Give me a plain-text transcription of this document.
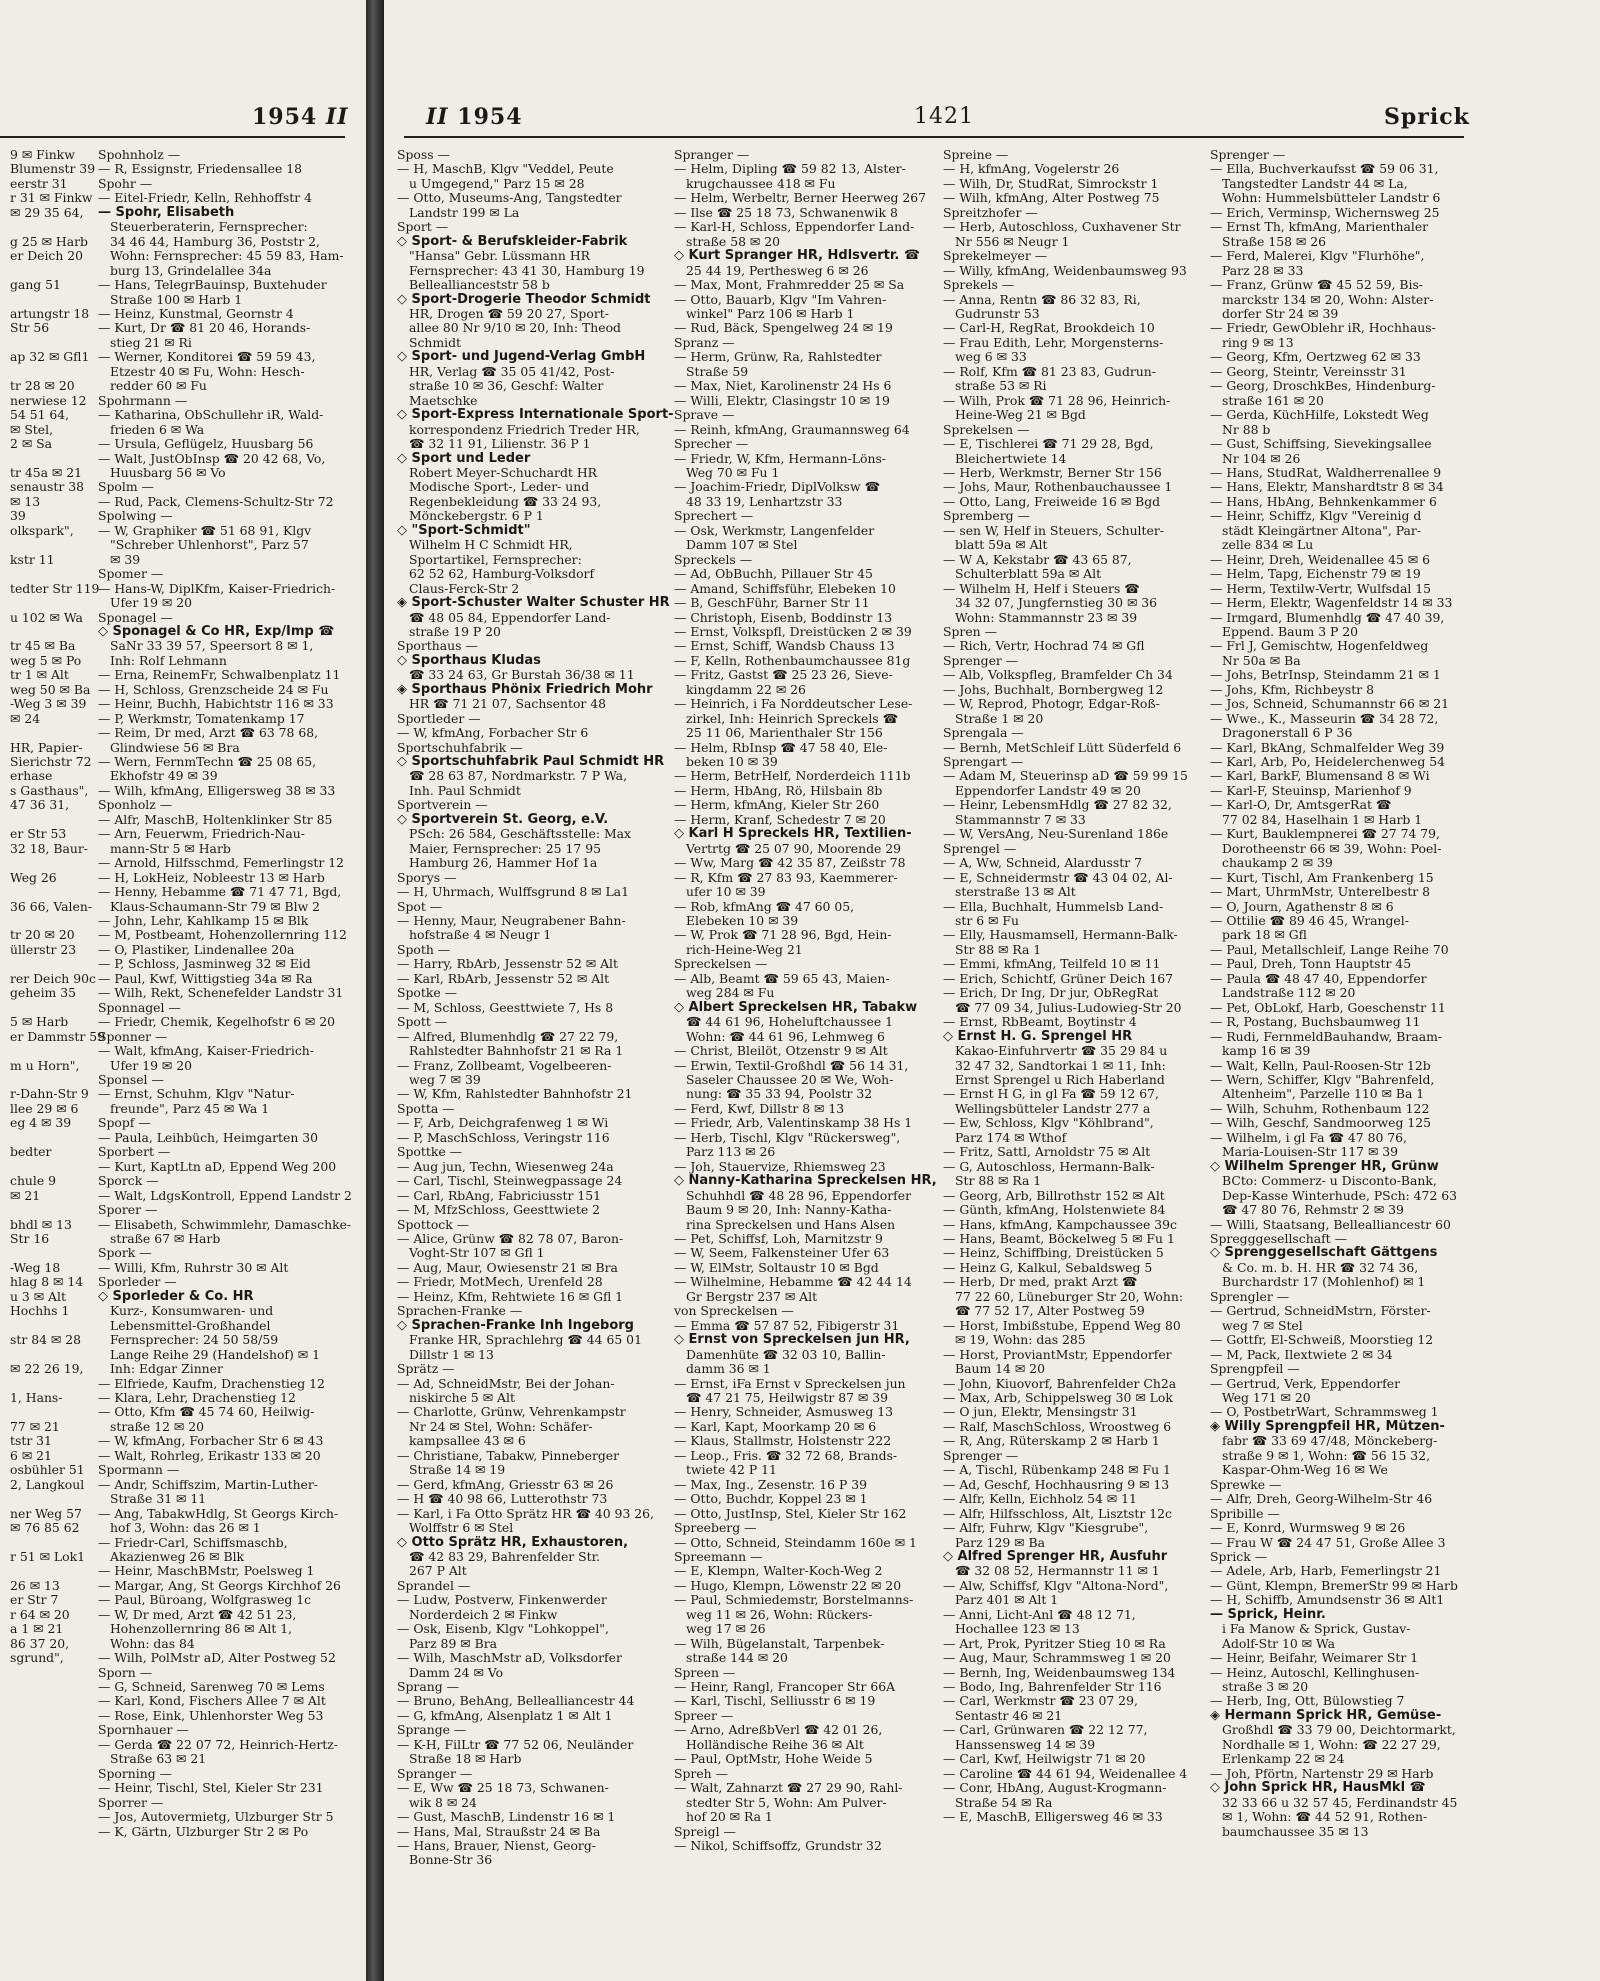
1954 II
9 ✉ Finkw
Blumenstr 39
eerstr 31
r 31 ✉ Finkw
✉ 29 35 64,

g 25 ✉ Harb
er Deich 20

gang 51

artungstr 18
Str 56

ap 32 ✉ Gfl1

tr 28 ✉ 20
nerwiese 12
54 51 64,
✉ Stel,
2 ✉ Sa

tr 45a ✉ 21
senaustr 38
✉ 13
39
olkspark",

kstr 11

tedter Str 119

u 102 ✉ Wa

tr 45 ✉ Ba
weg 5 ✉ Po
tr 1 ✉ Alt
weg 50 ✉ Ba
-Weg 3 ✉ 39
✉ 24

HR, Papier-
Sierichstr 72
erhase
s Gasthaus",
47 36 31,

er Str 53
32 18, Baur-

Weg 26

36 66, Valen-

tr 20 ✉ 20
üllerstr 23

rer Deich 90c
geheim 35

5 ✉ Harb
er Dammstr 59

m u Horn",

r-Dahn-Str 9
llee 29 ✉ 6
eg 4 ✉ 39

bedter

chule 9
✉ 21

bhdl ✉ 13
Str 16

-Weg 18
hlag 8 ✉ 14
u 3 ✉ Alt
Hochhs 1

str 84 ✉ 28

✉ 22 26 19,

1, Hans-

77 ✉ 21
tstr 31
6 ✉ 21
osbühler 51
2, Langkoul

ner Weg 57
✉ 76 85 62

r 51 ✉ Lok1

26 ✉ 13
er Str 7
r 64 ✉ 20
a 1 ✉ 21
86 37 20,
sgrund",
Spohnholz —
— R, Essignstr, Friedensallee 18
Spohr —
— Eitel-Friedr, Kelln, Rehhoffstr 4
— Spohr, Elisabeth
Steuerberaterin, Fernsprecher:
34 46 44, Hamburg 36, Poststr 2,
Wohn: Fernsprecher: 45 59 83, Ham-
burg 13, Grindelallee 34a
— Hans, TelegrBauinsp, Buxtehuder
Straße 100 ✉ Harb 1
— Heinz, Kunstmal, Geornstr 4
— Kurt, Dr ☎ 81 20 46, Horands-
stieg 21 ✉ Ri
— Werner, Konditorei ☎ 59 59 43,
Etzestr 40 ✉ Fu, Wohn: Hesch-
redder 60 ✉ Fu
Spohrmann —
— Katharina, ObSchullehr iR, Wald-
frieden 6 ✉ Wa
— Ursula, Geflügelz, Huusbarg 56
— Walt, JustObInsp ☎ 20 42 68, Vo,
Huusbarg 56 ✉ Vo
Spolm —
— Rud, Pack, Clemens-Schultz-Str 72
Spolwing —
— W, Graphiker ☎ 51 68 91, Klgv
"Schreber Uhlenhorst", Parz 57
✉ 39
Spomer —
— Hans-W, DiplKfm, Kaiser-Friedrich-
Ufer 19 ✉ 20
Sponagel —
◇ Sponagel & Co HR, Exp/Imp ☎
SaNr 33 39 57, Speersort 8 ✉ 1,
Inh: Rolf Lehmann
— Erna, ReinemFr, Schwalbenplatz 11
— H, Schloss, Grenzscheide 24 ✉ Fu
— Heinr, Buchh, Habichtstr 116 ✉ 33
— P, Werkmstr, Tomatenkamp 17
— Reim, Dr med, Arzt ☎ 63 78 68,
Glindwiese 56 ✉ Bra
— Wern, FernmTechn ☎ 25 08 65,
Ekhofstr 49 ✉ 39
— Wilh, kfmAng, Elligersweg 38 ✉ 33
Sponholz —
— Alfr, MaschB, Holtenklinker Str 85
— Arn, Feuerwm, Friedrich-Nau-
mann-Str 5 ✉ Harb
— Arnold, Hilfsschmd, Femerlingstr 12
— H, LokHeiz, Nobleestr 13 ✉ Harb
— Henny, Hebamme ☎ 71 47 71, Bgd,
Klaus-Schaumann-Str 79 ✉ Blw 2
— John, Lehr, Kahlkamp 15 ✉ Blk
— M, Postbeamt, Hohenzollernring 112
— O, Plastiker, Lindenallee 20a
— P, Schloss, Jasminweg 32 ✉ Eid
— Paul, Kwf, Wittigstieg 34a ✉ Ra
— Wilh, Rekt, Schenefelder Landstr 31
Sponnagel —
— Friedr, Chemik, Kegelhofstr 6 ✉ 20
Sponner —
— Walt, kfmAng, Kaiser-Friedrich-
Ufer 19 ✉ 20
Sponsel —
— Ernst, Schuhm, Klgv "Natur-
freunde", Parz 45 ✉ Wa 1
Spopf —
— Paula, Leihbüch, Heimgarten 30
Sporbert —
— Kurt, KaptLtn aD, Eppend Weg 200
Sporck —
— Walt, LdgsKontroll, Eppend Landstr 2
Sporer —
— Elisabeth, Schwimmlehr, Damaschke-
straße 67 ✉ Harb
Spork —
— Willi, Kfm, Ruhrstr 30 ✉ Alt
Sporleder —
◇ Sporleder & Co. HR
Kurz-, Konsumwaren- und
Lebensmittel-Großhandel
Fernsprecher: 24 50 58/59
Lange Reihe 29 (Handelshof) ✉ 1
Inh: Edgar Zinner
— Elfriede, Kaufm, Drachenstieg 12
— Klara, Lehr, Drachenstieg 12
— Otto, Kfm ☎ 45 74 60, Heilwig-
straße 12 ✉ 20
— W, kfmAng, Forbacher Str 6 ✉ 43
— Walt, Rohrleg, Erikastr 133 ✉ 20
Spormann —
— Andr, Schiffszim, Martin-Luther-
Straße 31 ✉ 11
— Ang, TabakwHdlg, St Georgs Kirch-
hof 3, Wohn: das 26 ✉ 1
— Friedr-Carl, Schiffsmaschb,
Akazienweg 26 ✉ Blk
— Heinr, MaschBMstr, Poelsweg 1
— Margar, Ang, St Georgs Kirchhof 26
— Paul, Büroang, Wolfgrasweg 1c
— W, Dr med, Arzt ☎ 42 51 23,
Hohenzollernring 86 ✉ Alt 1,
Wohn: das 84
— Wilh, PolMstr aD, Alter Postweg 52
Sporn —
— G, Schneid, Sarenweg 70 ✉ Lems
— Karl, Kond, Fischers Allee 7 ✉ Alt
— Rose, Eink, Uhlenhorster Weg 53
Spornhauer —
— Gerda ☎ 22 07 72, Heinrich-Hertz-
Straße 63 ✉ 21
Sporning —
— Heinr, Tischl, Stel, Kieler Str 231
Sporrer —
— Jos, Autovermietg, Ulzburger Str 5
— K, Gärtn, Ulzburger Str 2 ✉ Po
II 1954	1421	Sprick
Sposs —
— H, MaschB, Klgv "Veddel, Peute
u Umgegend," Parz 15 ✉ 28
— Otto, Museums-Ang, Tangstedter
Landstr 199 ✉ La
Sport —
◇ Sport- & Berufskleider-Fabrik
"Hansa" Gebr. Lüssmann HR
Fernsprecher: 43 41 30, Hamburg 19
Belleallianceststr 58 b
◇ Sport-Drogerie Theodor Schmidt
HR, Drogen ☎ 59 20 27, Sport-
allee 80 Nr 9/10 ✉ 20, Inh: Theod
Schmidt
◇ Sport- und Jugend-Verlag GmbH
HR, Verlag ☎ 35 05 41/42, Post-
straße 10 ✉ 36, Geschf: Walter
Maetschke
◇ Sport-Express Internationale Sport-
korrespondenz Friedrich Treder HR,
☎ 32 11 91, Lilienstr. 36 P 1
◇ Sport und Leder
Robert Meyer-Schuchardt HR
Modische Sport-, Leder- und
Regenbekleidung ☎ 33 24 93,
Mönckebergstr. 6 P 1
◇ "Sport-Schmidt"
Wilhelm H C Schmidt HR,
Sportartikel, Fernsprecher:
62 52 62, Hamburg-Volksdorf
Claus-Ferck-Str 2
◈ Sport-Schuster Walter Schuster HR
☎ 48 05 84, Eppendorfer Land-
straße 19 P 20
Sporthaus —
◇ Sporthaus Kludas
☎ 33 24 63, Gr Burstah 36/38 ✉ 11
◈ Sporthaus Phönix Friedrich Mohr
HR ☎ 71 21 07, Sachsentor 48
Sportleder —
— W, kfmAng, Forbacher Str 6
Sportschuhfabrik —
◇ Sportschuhfabrik Paul Schmidt HR
☎ 28 63 87, Nordmarkstr. 7 P Wa,
Inh. Paul Schmidt
Sportverein —
◇ Sportverein St. Georg, e.V.
PSch: 26 584, Geschäftsstelle: Max
Maier, Fernsprecher: 25 17 95
Hamburg 26, Hammer Hof 1a
Sporys —
— H, Uhrmach, Wulffsgrund 8 ✉ La1
Spot —
— Henny, Maur, Neugrabener Bahn-
hofstraße 4 ✉ Neugr 1
Spoth —
— Harry, RbArb, Jessenstr 52 ✉ Alt
— Karl, RbArb, Jessenstr 52 ✉ Alt
Spotke —
— M, Schloss, Geesttwiete 7, Hs 8
Spott —
— Alfred, Blumenhdlg ☎ 27 22 79,
Rahlstedter Bahnhofstr 21 ✉ Ra 1
— Franz, Zollbeamt, Vogelbeeren-
weg 7 ✉ 39
— W, Kfm, Rahlstedter Bahnhofstr 21
Spotta —
— F, Arb, Deichgrafenweg 1 ✉ Wi
— P, MaschSchloss, Veringstr 116
Spottke —
— Aug jun, Techn, Wiesenweg 24a
— Carl, Tischl, Steinwegpassage 24
— Carl, RbAng, Fabriciusstr 151
— M, MfzSchloss, Geesttwiete 2
Spottock —
— Alice, Grünw ☎ 82 78 07, Baron-
Voght-Str 107 ✉ Gfl 1
— Aug, Maur, Owiesenstr 21 ✉ Bra
— Friedr, MotMech, Urenfeld 28
— Heinz, Kfm, Rehtwiete 16 ✉ Gfl 1
Sprachen-Franke —
◇ Sprachen-Franke Inh Ingeborg
Franke HR, Sprachlehrg ☎ 44 65 01
Dillstr 1 ✉ 13
Sprätz —
— Ad, SchneidMstr, Bei der Johan-
niskirche 5 ✉ Alt
— Charlotte, Grünw, Vehrenkampstr
Nr 24 ✉ Stel, Wohn: Schäfer-
kampsallee 43 ✉ 6
— Christiane, Tabakw, Pinneberger
Straße 14 ✉ 19
— Gerd, kfmAng, Griesstr 63 ✉ 26
— H ☎ 40 98 66, Lutterothstr 73
— Karl, i Fa Otto Sprätz HR ☎ 40 93 26,
Wolffstr 6 ✉ Stel
◇ Otto Sprätz HR, Exhaustoren,
☎ 42 83 29, Bahrenfelder Str.
267 P Alt
Sprandel —
— Ludw, Postverw, Finkenwerder
Norderdeich 2 ✉ Finkw
— Osk, Eisenb, Klgv "Lohkoppel",
Parz 89 ✉ Bra
— Wilh, MaschMstr aD, Volksdorfer
Damm 24 ✉ Vo
Sprang —
— Bruno, BehAng, Bellealliancestr 44
— G, kfmAng, Alsenplatz 1 ✉ Alt 1
Sprange —
— K-H, FilLtr ☎ 77 52 06, Neuländer
Straße 18 ✉ Harb
Spranger —
— E, Ww ☎ 25 18 73, Schwanen-
wik 8 ✉ 24
— Gust, MaschB, Lindenstr 16 ✉ 1
— Hans, Mal, Straußstr 24 ✉ Ba
— Hans, Brauer, Nienst, Georg-
Bonne-Str 36
Spranger —
— Helm, Dipling ☎ 59 82 13, Alster-
krugchaussee 418 ✉ Fu
— Helm, Werbeltr, Berner Heerweg 267
— Ilse ☎ 25 18 73, Schwanenwik 8
— Karl-H, Schloss, Eppendorfer Land-
straße 58 ✉ 20
◇ Kurt Spranger HR, Hdlsvertr. ☎
25 44 19, Perthesweg 6 ✉ 26
— Max, Mont, Frahmredder 25 ✉ Sa
— Otto, Bauarb, Klgv "Im Vahren-
winkel" Parz 106 ✉ Harb 1
— Rud, Bäck, Spengelweg 24 ✉ 19
Spranz —
— Herm, Grünw, Ra, Rahlstedter
Straße 59
— Max, Niet, Karolinenstr 24 Hs 6
— Willi, Elektr, Clasingstr 10 ✉ 19
Sprave —
— Reinh, kfmAng, Graumannsweg 64
Sprecher —
— Friedr, W, Kfm, Hermann-Löns-
Weg 70 ✉ Fu 1
— Joachim-Friedr, DiplVolksw ☎
48 33 19, Lenhartzstr 33
Sprechert —
— Osk, Werkmstr, Langenfelder
Damm 107 ✉ Stel
Spreckels —
— Ad, ObBuchh, Pillauer Str 45
— Amand, Schiffsführ, Elebeken 10
— B, GeschFühr, Barner Str 11
— Christoph, Eisenb, Boddinstr 13
— Ernst, Volkspfl, Dreistücken 2 ✉ 39
— Ernst, Schiff, Wandsb Chauss 13
— F, Kelln, Rothenbaumchaussee 81g
— Fritz, Gastst ☎ 25 23 26, Sieve-
kingdamm 22 ✉ 26
— Heinrich, i Fa Norddeutscher Lese-
zirkel, Inh: Heinrich Spreckels ☎
25 11 06, Marienthaler Str 156
— Helm, RbInsp ☎ 47 58 40, Ele-
beken 10 ✉ 39
— Herm, BetrHelf, Norderdeich 111b
— Herm, HbAng, Rö, Hilsbain 8b
— Herm, kfmAng, Kieler Str 260
— Herm, Kranf, Schedestr 7 ✉ 20
◇ Karl H Spreckels HR, Textilien-
Vertrtg ☎ 25 07 90, Moorende 29
— Ww, Marg ☎ 42 35 87, Zeißstr 78
— R, Kfm ☎ 27 83 93, Kaemmerer-
ufer 10 ✉ 39
— Rob, kfmAng ☎ 47 60 05,
Elebeken 10 ✉ 39
— W, Prok ☎ 71 28 96, Bgd, Hein-
rich-Heine-Weg 21
Spreckelsen —
— Alb, Beamt ☎ 59 65 43, Maien-
weg 284 ✉ Fu
◇ Albert Spreckelsen HR, Tabakw
☎ 44 61 96, Hoheluftchaussee 1
Wohn: ☎ 44 61 96, Lehmweg 6
— Christ, Bleilöt, Otzenstr 9 ✉ Alt
— Erwin, Textil-Großhdl ☎ 56 14 31,
Saseler Chaussee 20 ✉ We, Woh-
nung: ☎ 35 33 94, Poolstr 32
— Ferd, Kwf, Dillstr 8 ✉ 13
— Friedr, Arb, Valentinskamp 38 Hs 1
— Herb, Tischl, Klgv "Rückersweg",
Parz 113 ✉ 26
— Joh, Stauervize, Rhiemsweg 23
◇ Nanny-Katharina Spreckelsen HR,
Schuhhdl ☎ 48 28 96, Eppendorfer
Baum 9 ✉ 20, Inh: Nanny-Katha-
rina Spreckelsen und Hans Alsen
— Pet, Schiffsf, Loh, Marnitzstr 9
— W, Seem, Falkensteiner Ufer 63
— W, ElMstr, Soltaustr 10 ✉ Bgd
— Wilhelmine, Hebamme ☎ 42 44 14
Gr Bergstr 237 ✉ Alt
von Spreckelsen —
— Emma ☎ 57 87 52, Fibigerstr 31
◇ Ernst von Spreckelsen jun HR,
Damenhüte ☎ 32 03 10, Ballin-
damm 36 ✉ 1
— Ernst, iFa Ernst v Spreckelsen jun
☎ 47 21 75, Heilwigstr 87 ✉ 39
— Henry, Schneider, Asmusweg 13
— Karl, Kapt, Moorkamp 20 ✉ 6
— Klaus, Stallmstr, Holstenstr 222
— Leop., Fris. ☎ 32 72 68, Brands-
twiete 42 P 11
— Max, Ing., Zesenstr. 16 P 39
— Otto, Buchdr, Koppel 23 ✉ 1
— Otto, JustInsp, Stel, Kieler Str 162
Spreeberg —
— Otto, Schneid, Steindamm 160e ✉ 1
Spreemann —
— E, Klempn, Walter-Koch-Weg 2
— Hugo, Klempn, Löwenstr 22 ✉ 20
— Paul, Schmiedemstr, Borstelmanns-
weg 11 ✉ 26, Wohn: Rückers-
weg 17 ✉ 26
— Wilh, Bügelanstalt, Tarpenbek-
straße 144 ✉ 20
Spreen —
— Heinr, Rangl, Francoper Str 66A
— Karl, Tischl, Selliusstr 6 ✉ 19
Spreer —
— Arno, AdreßbVerl ☎ 42 01 26,
Holländische Reihe 36 ✉ Alt
— Paul, OptMstr, Hohe Weide 5
Spreh —
— Walt, Zahnarzt ☎ 27 29 90, Rahl-
stedter Str 5, Wohn: Am Pulver-
hof 20 ✉ Ra 1
Spreigl —
— Nikol, Schiffsoffz, Grundstr 32
Spreine —
— H, kfmAng, Vogelerstr 26
— Wilh, Dr, StudRat, Simrockstr 1
— Wilh, kfmAng, Alter Postweg 75
Spreitzhofer —
— Herb, Autoschloss, Cuxhavener Str
Nr 556 ✉ Neugr 1
Sprekelmeyer —
— Willy, kfmAng, Weidenbaumsweg 93
Sprekels —
— Anna, Rentn ☎ 86 32 83, Ri,
Gudrunstr 53
— Carl-H, RegRat, Brookdeich 10
— Frau Edith, Lehr, Morgensterns-
weg 6 ✉ 33
— Rolf, Kfm ☎ 81 23 83, Gudrun-
straße 53 ✉ Ri
— Wilh, Prok ☎ 71 28 96, Heinrich-
Heine-Weg 21 ✉ Bgd
Sprekelsen —
— E, Tischlerei ☎ 71 29 28, Bgd,
Bleichertwiete 14
— Herb, Werkmstr, Berner Str 156
— Johs, Maur, Rothenbauchaussee 1
— Otto, Lang, Freiweide 16 ✉ Bgd
Spremberg —
— sen W, Helf in Steuers, Schulter-
blatt 59a ✉ Alt
— W A, Kekstabr ☎ 43 65 87,
Schulterblatt 59a ✉ Alt
— Wilhelm H, Helf i Steuers ☎
34 32 07, Jungfernstieg 30 ✉ 36
Wohn: Stammannstr 23 ✉ 39
Spren —
— Rich, Vertr, Hochrad 74 ✉ Gfl
Sprenger —
— Alb, Volkspfleg, Bramfelder Ch 34
— Johs, Buchhalt, Bornbergweg 12
— W, Reprod, Photogr, Edgar-Roß-
Straße 1 ✉ 20
Sprengala —
— Bernh, MetSchleif Lütt Süderfeld 6
Sprengart —
— Adam M, Steuerinsp aD ☎ 59 99 15
Eppendorfer Landstr 49 ✉ 20
— Heinr, LebensmHdlg ☎ 27 82 32,
Stammannstr 7 ✉ 33
— W, VersAng, Neu-Surenland 186e
Sprengel —
— A, Ww, Schneid, Alardusstr 7
— E, Schneidermstr ☎ 43 04 02, Al-
sterstraße 13 ✉ Alt
— Ella, Buchhalt, Hummelsb Land-
str 6 ✉ Fu
— Elly, Hausmamsell, Hermann-Balk-
Str 88 ✉ Ra 1
— Emmi, kfmAng, Teilfeld 10 ✉ 11
— Erich, Schichtf, Grüner Deich 167
— Erich, Dr Ing, Dr jur, ObRegRat
☎ 77 09 34, Julius-Ludowieg-Str 20
— Ernst, RbBeamt, Boytinstr 4
◇ Ernst H. G. Sprengel HR
Kakao-Einfuhrvertr ☎ 35 29 84 u
32 47 32, Sandtorkai 1 ✉ 11, Inh:
Ernst Sprengel u Rich Haberland
— Ernst H G, in gl Fa ☎ 59 12 67,
Wellingsbütteler Landstr 277 a
— Ew, Schloss, Klgv "Köhlbrand",
Parz 174 ✉ Wthof
— Fritz, Sattl, Arnoldstr 75 ✉ Alt
— G, Autoschloss, Hermann-Balk-
Str 88 ✉ Ra 1
— Georg, Arb, Billrothstr 152 ✉ Alt
— Günth, kfmAng, Holstenwiete 84
— Hans, kfmAng, Kampchaussee 39c
— Hans, Beamt, Böckelweg 5 ✉ Fu 1
— Heinz, Schiffbing, Dreistücken 5
— Heinz G, Kalkul, Sebaldsweg 5
— Herb, Dr med, prakt Arzt ☎
77 22 60, Lüneburger Str 20, Wohn:
☎ 77 52 17, Alter Postweg 59
— Horst, Imbißstube, Eppend Weg 80
✉ 19, Wohn: das 285
— Horst, ProviantMstr, Eppendorfer
Baum 14 ✉ 20
— John, Kiuovorf, Bahrenfelder Ch2a
— Max, Arb, Schippelsweg 30 ✉ Lok
— O jun, Elektr, Mensingstr 31
— Ralf, MaschSchloss, Wroostweg 6
— R, Ang, Rüterskamp 2 ✉ Harb 1
Sprenger —
— A, Tischl, Rübenkamp 248 ✉ Fu 1
— Ad, Geschf, Hochhausring 9 ✉ 13
— Alfr, Kelln, Eichholz 54 ✉ 11
— Alfr, Hilfsschloss, Alt, Lisztstr 12c
— Alfr, Fuhrw, Klgv "Kiesgrube",
Parz 129 ✉ Ba
◇ Alfred Sprenger HR, Ausfuhr
☎ 32 08 52, Hermannstr 11 ✉ 1
— Alw, Schiffsf, Klgv "Altona-Nord",
Parz 401 ✉ Alt 1
— Anni, Licht-Anl ☎ 48 12 71,
Hochallee 123 ✉ 13
— Art, Prok, Pyritzer Stieg 10 ✉ Ra
— Aug, Maur, Schrammsweg 1 ✉ 20
— Bernh, Ing, Weidenbaumsweg 134
— Bodo, Ing, Bahrenfelder Str 116
— Carl, Werkmstr ☎ 23 07 29,
Sentastr 46 ✉ 21
— Carl, Grünwaren ☎ 22 12 77,
Hanssensweg 14 ✉ 39
— Carl, Kwf, Heilwigstr 71 ✉ 20
— Caroline ☎ 44 61 94, Weidenallee 4
— Conr, HbAng, August-Krogmann-
Straße 54 ✉ Ra
— E, MaschB, Elligersweg 46 ✉ 33
Sprenger —
— Ella, Buchverkaufsst ☎ 59 06 31,
Tangstedter Landstr 44 ✉ La,
Wohn: Hummelsbütteler Landstr 6
— Erich, Verminsp, Wichernsweg 25
— Ernst Th, kfmAng, Marienthaler
Straße 158 ✉ 26
— Ferd, Malerei, Klgv "Flurhöhe",
Parz 28 ✉ 33
— Franz, Grünw ☎ 45 52 59, Bis-
marckstr 134 ✉ 20, Wohn: Alster-
dorfer Str 24 ✉ 39
— Friedr, GewOblehr iR, Hochhaus-
ring 9 ✉ 13
— Georg, Kfm, Oertzweg 62 ✉ 33
— Georg, Steintr, Vereinsstr 31
— Georg, DroschkBes, Hindenburg-
straße 161 ✉ 20
— Gerda, KüchHilfe, Lokstedt Weg
Nr 88 b
— Gust, Schiffsing, Sievekingsallee
Nr 104 ✉ 26
— Hans, StudRat, Waldherrenallee 9
— Hans, Elektr, Manshardtstr 8 ✉ 34
— Hans, HbAng, Behnkenkammer 6
— Heinr, Schiffz, Klgv "Vereinig d
städt Kleingärtner Altona", Par-
zelle 834 ✉ Lu
— Heinr, Dreh, Weidenallee 45 ✉ 6
— Helm, Tapg, Eichenstr 79 ✉ 19
— Herm, Textilw-Vertr, Wulfsdal 15
— Herm, Elektr, Wagenfeldstr 14 ✉ 33
— Irmgard, Blumenhdlg ☎ 47 40 39,
Eppend. Baum 3 P 20
— Frl J, Gemischtw, Hogenfeldweg
Nr 50a ✉ Ba
— Johs, BetrInsp, Steindamm 21 ✉ 1
— Johs, Kfm, Richbeystr 8
— Jos, Schneid, Schumannstr 66 ✉ 21
— Wwe., K., Masseurin ☎ 34 28 72,
Dragonerstall 6 P 36
— Karl, BkAng, Schmalfelder Weg 39
— Karl, Arb, Po, Heidelerchenweg 54
— Karl, BarkF, Blumensand 8 ✉ Wi
— Karl-F, Steuinsp, Marienhof 9
— Karl-O, Dr, AmtsgerRat ☎
77 02 84, Haselhain 1 ✉ Harb 1
— Kurt, Bauklempnerei ☎ 27 74 79,
Dorotheenstr 66 ✉ 39, Wohn: Poel-
chaukamp 2 ✉ 39
— Kurt, Tischl, Am Frankenberg 15
— Mart, UhrmMstr, Unterelbestr 8
— O, Journ, Agathenstr 8 ✉ 6
— Ottilie ☎ 89 46 45, Wrangel-
park 18 ✉ Gfl
— Paul, Metallschleif, Lange Reihe 70
— Paul, Dreh, Tonn Hauptstr 45
— Paula ☎ 48 47 40, Eppendorfer
Landstraße 112 ✉ 20
— Pet, ObLokf, Harb, Goeschenstr 11
— R, Postang, Buchsbaumweg 11
— Rudi, FernmeldBauhandw, Braam-
kamp 16 ✉ 39
— Walt, Kelln, Paul-Roosen-Str 12b
— Wern, Schiffer, Klgv "Bahrenfeld,
Altenheim", Parzelle 110 ✉ Ba 1
— Wilh, Schuhm, Rothenbaum 122
— Wilh, Geschf, Sandmoorweg 125
— Wilhelm, i gl Fa ☎ 47 80 76,
Maria-Louisen-Str 117 ✉ 39
◇ Wilhelm Sprenger HR, Grünw
BCto: Commerz- u Disconto-Bank,
Dep-Kasse Winterhude, PSch: 472 63
☎ 47 80 76, Rehmstr 2 ✉ 39
— Willi, Staatsang, Bellealliancestr 60
Spregggesellschaft —
◇ Sprenggesellschaft Gättgens
& Co. m. b. H. HR ☎ 32 74 36,
Burchardstr 17 (Mohlenhof) ✉ 1
Sprengler —
— Gertrud, SchneidMstrn, Förster-
weg 7 ✉ Stel
— Gottfr, El-Schweiß, Moorstieg 12
— M, Pack, Ilextwiete 2 ✉ 34
Sprengpfeil —
— Gertrud, Verk, Eppendorfer
Weg 171 ✉ 20
— O, PostbetrWart, Schrammsweg 1
◈ Willy Sprengpfeil HR, Mützen-
fabr ☎ 33 69 47/48, Mönckeberg-
straße 9 ✉ 1, Wohn: ☎ 56 15 32,
Kaspar-Ohm-Weg 16 ✉ We
Sprewke —
— Alfr, Dreh, Georg-Wilhelm-Str 46
Spribille —
— E, Konrd, Wurmsweg 9 ✉ 26
— Frau W ☎ 24 47 51, Große Allee 3
Sprick —
— Adele, Arb, Harb, Femerlingstr 21
— Günt, Klempn, BremerStr 99 ✉ Harb
— H, Schiffb, Amundsenstr 36 ✉ Alt1
— Sprick, Heinr.
i Fa Manow & Sprick, Gustav-
Adolf-Str 10 ✉ Wa
— Heinr, Beifahr, Weimarer Str 1
— Heinz, Autoschl, Kellinghusen-
straße 3 ✉ 20
— Herb, Ing, Ott, Bülowstieg 7
◈ Hermann Sprick HR, Gemüse-
Großhdl ☎ 33 79 00, Deichtormarkt,
Nordhalle ✉ 1, Wohn: ☎ 22 27 29,
Erlenkamp 22 ✉ 24
— Joh, Pförtn, Nartenstr 29 ✉ Harb
◇ John Sprick HR, HausMkl ☎
32 33 66 u 32 57 45, Ferdinandstr 45
✉ 1, Wohn: ☎ 44 52 91, Rothen-
baumchaussee 35 ✉ 13
